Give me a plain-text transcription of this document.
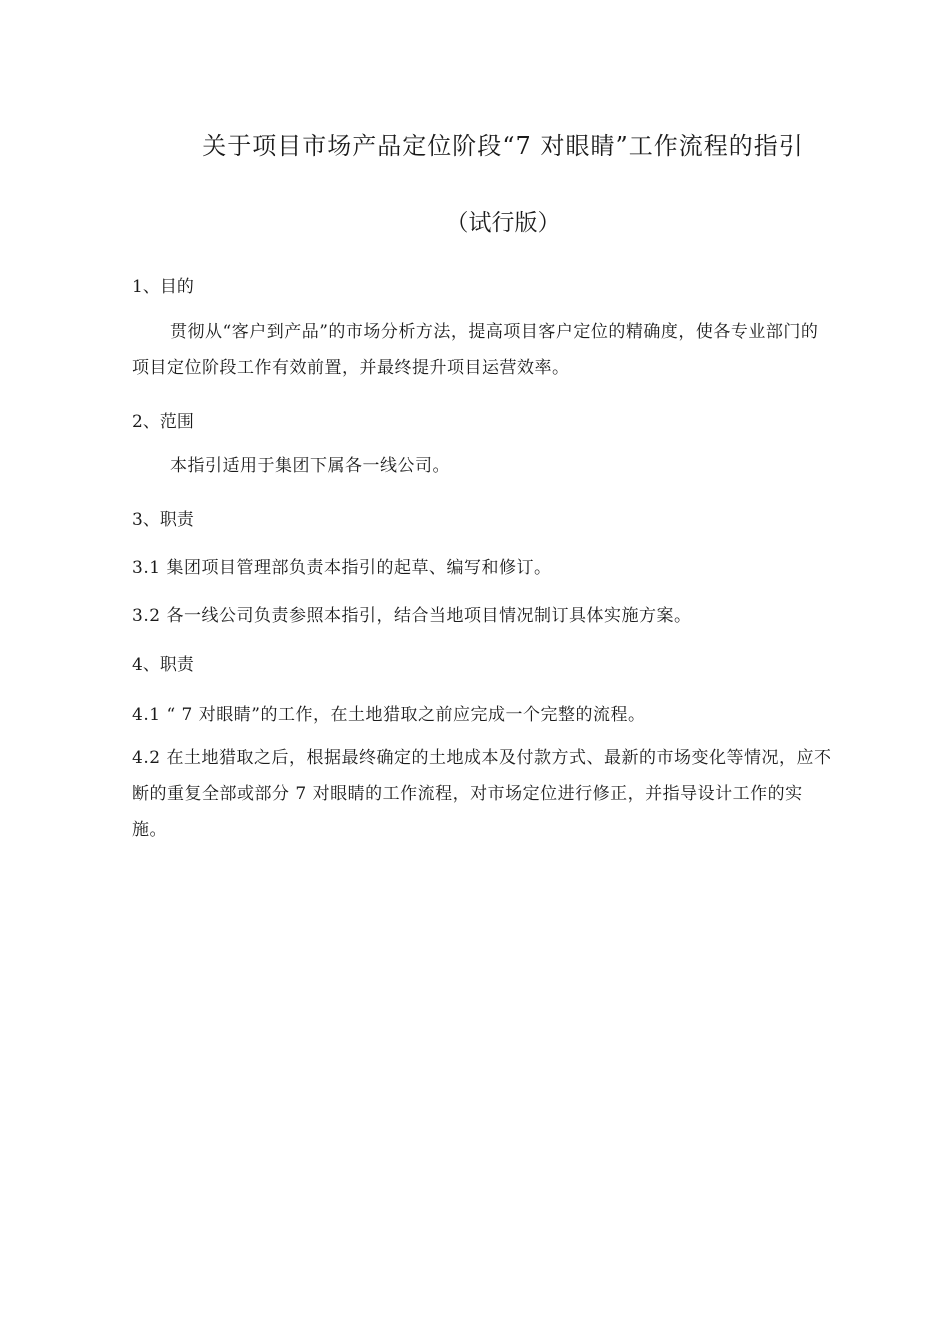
关于项目市场产品定位阶段“7 对眼睛”工作流程的指引
（试行版）
1、目的
贯彻从“客户到产品”的市场分析方法，提高项目客户定位的精确度，使各专业部门的项目定位阶段工作有效前置，并最终提升项目运营效率。
2、范围
本指引适用于集团下属各一线公司。
3、职责
3.1 集团项目管理部负责本指引的起草、编写和修订。
3.2 各一线公司负责参照本指引，结合当地项目情况制订具体实施方案。
4、职责
4.1 “ 7 对眼睛”的工作，在土地猎取之前应完成一个完整的流程。
4.2 在土地猎取之后，根据最终确定的土地成本及付款方式、最新的市场变化等情况，应不断的重复全部或部分 7 对眼睛的工作流程，对市场定位进行修正，并指导设计工作的实施。
